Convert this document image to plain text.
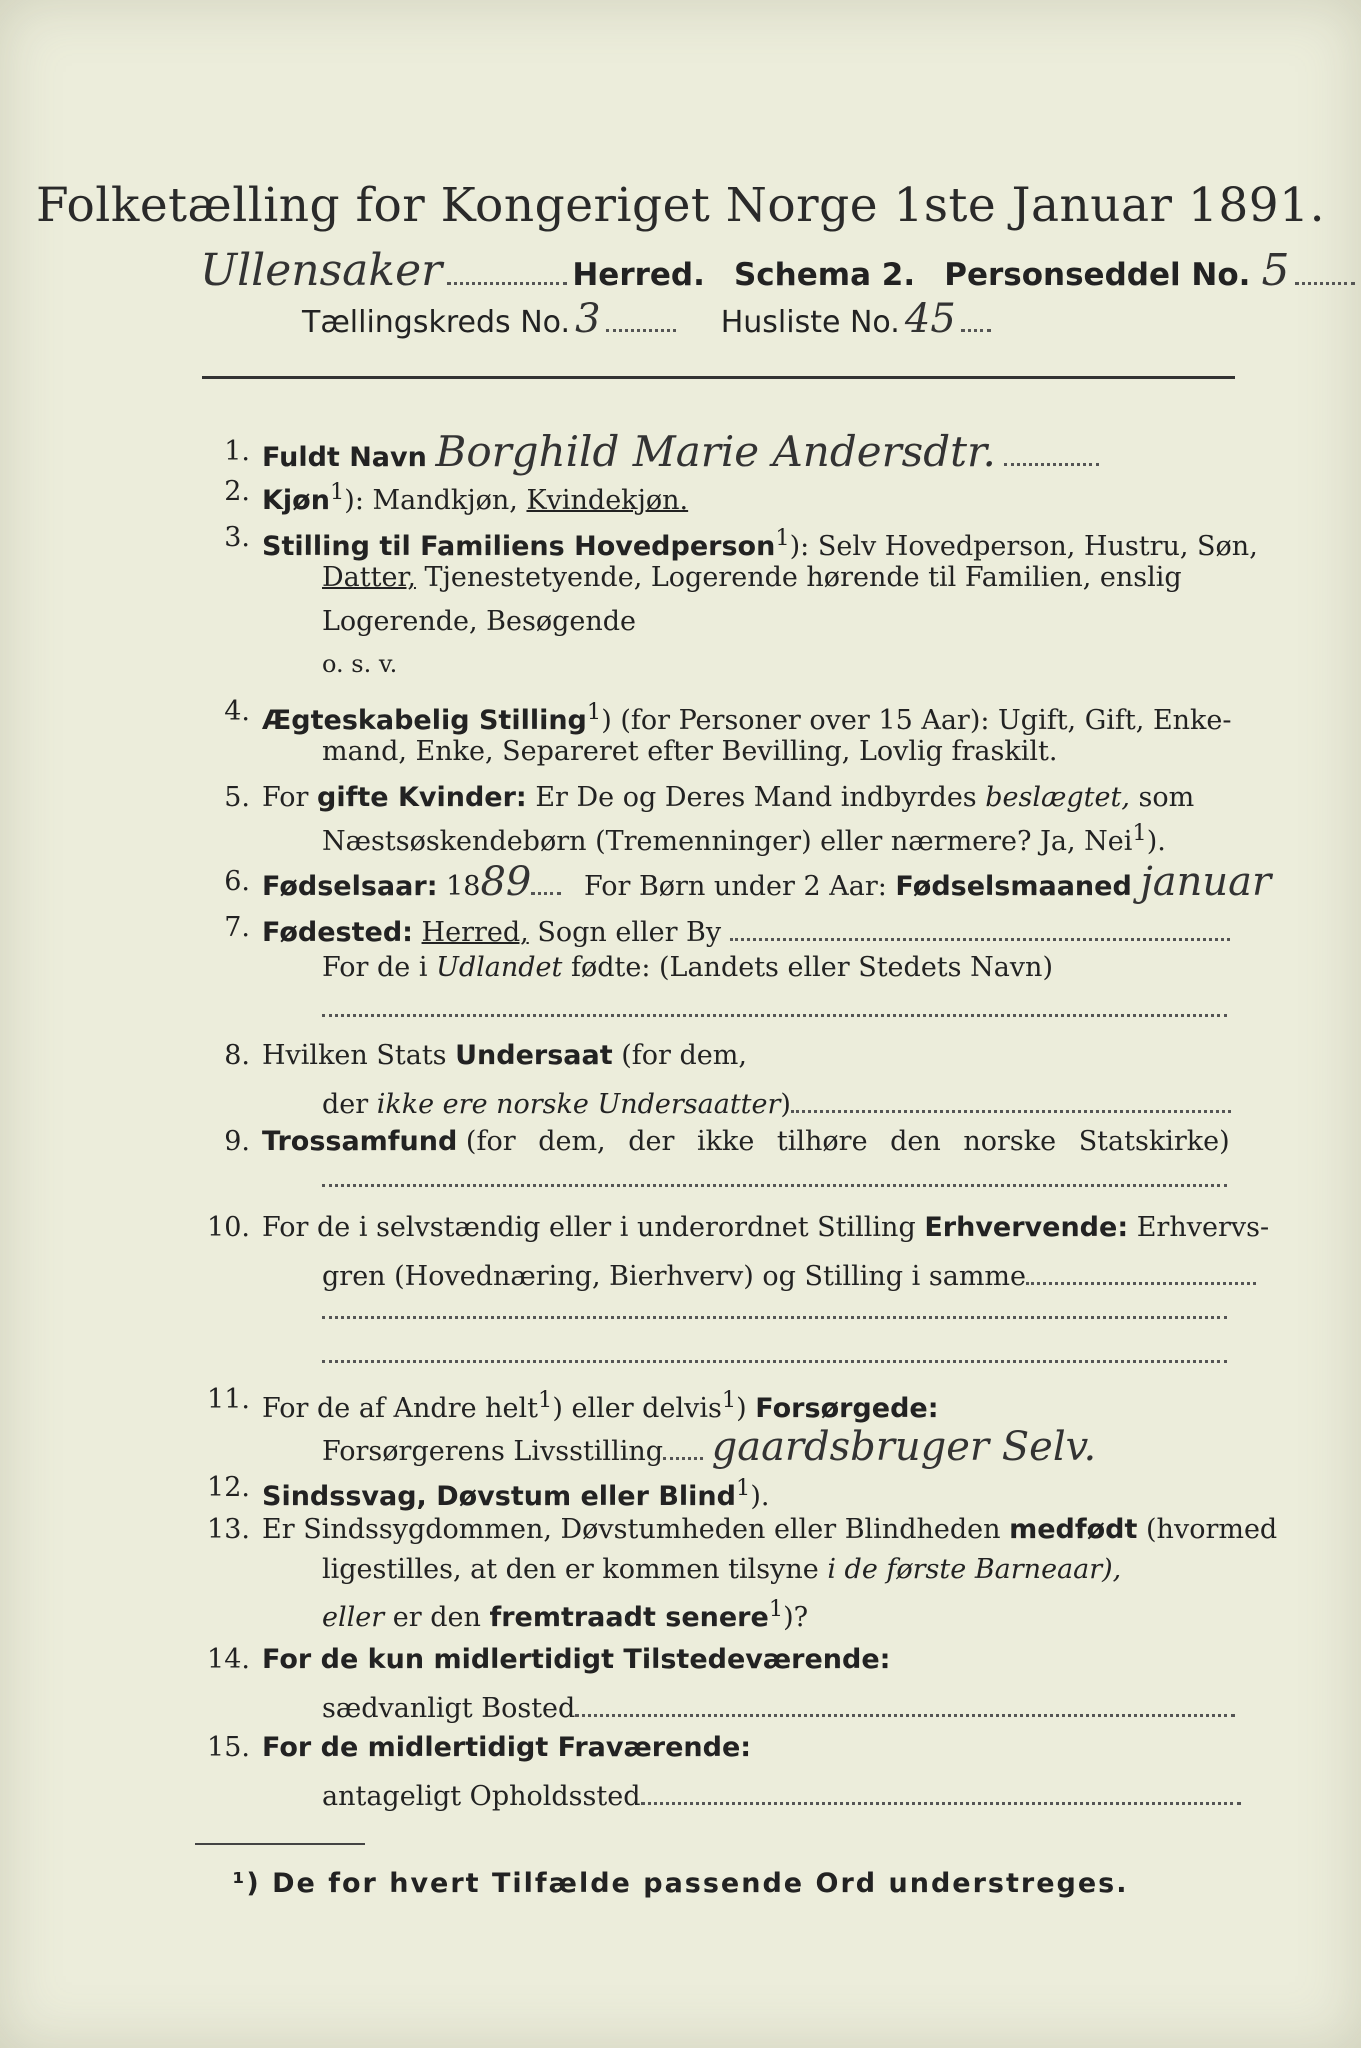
Folketælling for Kongeriget Norge 1ste Januar 1891.
Ullensaker	Herred. Schema 2. Personseddel No. 5
Tællingskreds No. 3	Husliste No. 45
1. Fuldt Navn Borghild Marie Andersdtr.
2. Kjøn$^1$): Mandkjøn, Kvindekjøn.
3. Stilling til Familiens Hovedperson$^1$): Selv Hovedperson, Hustru, Søn,
Datter, Tjenestetyende, Logerende hørende til Familien, enslig
Logerende, Besøgende
o. s. v.
4. Ægteskabelig Stilling$^1$) (for Personer over 15 Aar): Ugift, Gift, Enke-
mand, Enke, Separeret efter Bevilling, Lovlig fraskilt.
5. For gifte Kvinder: Er De og Deres Mand indbyrdes beslægtet, som
Næstsøskendebørn (Tremenninger) eller nærmere? Ja, Nei$^1$).
6. Fødselsaar: 1889 For Børn under 2 Aar: Fødselsmaaned januar
7. Fødested: Herred, Sogn eller By
For de i Udlandet fødte: (Landets eller Stedets Navn)
8. Hvilken Stats Undersaat (for dem,
der ikke ere norske Undersaatter)
9. Trossamfund (for dem, der ikke tilhøre den norske Statskirke)
10. For de i selvstændig eller i underordnet Stilling Erhvervende: Erhvervs-
gren (Hovednæring, Bierhverv) og Stilling i samme
11. For de af Andre helt$^1$) eller delvis$^1$) Forsørgede:
Forsørgerens Livsstilling gaardsbruger Selv.
12. Sindssvag, Døvstum eller Blind$^1$).
13. Er Sindssygdommen, Døvstumheden eller Blindheden medfødt (hvormed
ligestilles, at den er kommen tilsyne i de første Barneaar),
eller er den fremtraadt senere$^1$)?
14. For de kun midlertidigt Tilstedeværende:
sædvanligt Bosted
15. For de midlertidigt Fraværende:
antageligt Opholdssted
¹) De for hvert Tilfælde passende Ord understreges.
